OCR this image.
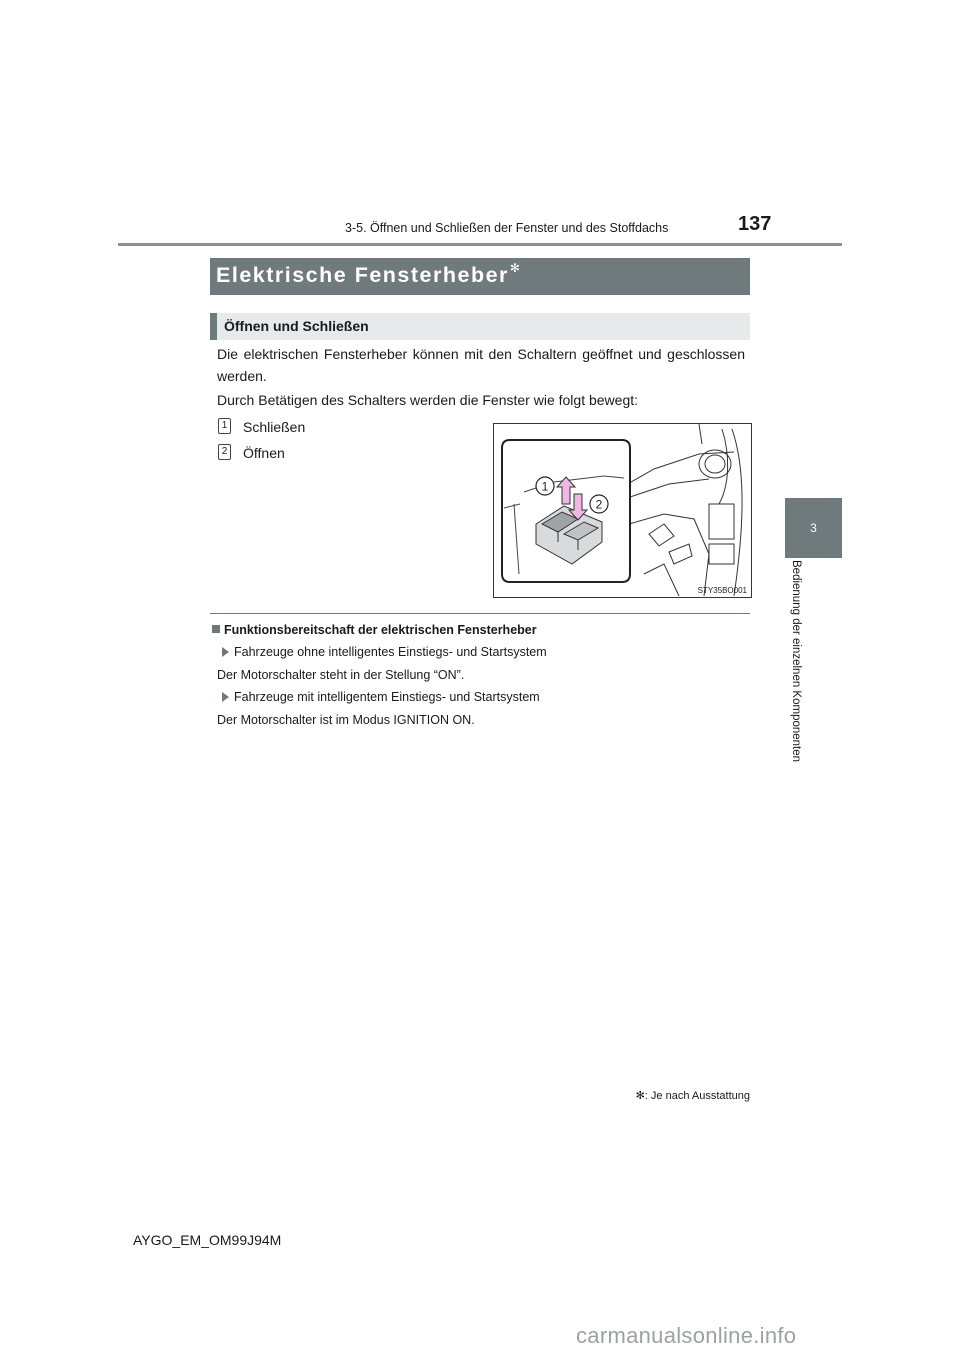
3-5. Öffnen und Schließen der Fenster und des Stoffdachs	137
3
Bedienung der einzelnen Komponenten
Elektrische Fensterheber✻
Öffnen und Schließen
Die elektrischen Fensterheber können mit den Schaltern geöffnet und geschlossen werden.
Durch Betätigen des Schalters werden die Fenster wie folgt bewegt:
1 Schließen
2 Öffnen
1
2
STY35BO001
Funktionsbereitschaft der elektrischen Fensterheber
Fahrzeuge ohne intelligentes Einstiegs- und Startsystem
Der Motorschalter steht in der Stellung “ON”.
Fahrzeuge mit intelligentem Einstiegs- und Startsystem
Der Motorschalter ist im Modus IGNITION ON.
✻: Je nach Ausstattung
AYGO_EM_OM99J94M
carmanualsonline.info
